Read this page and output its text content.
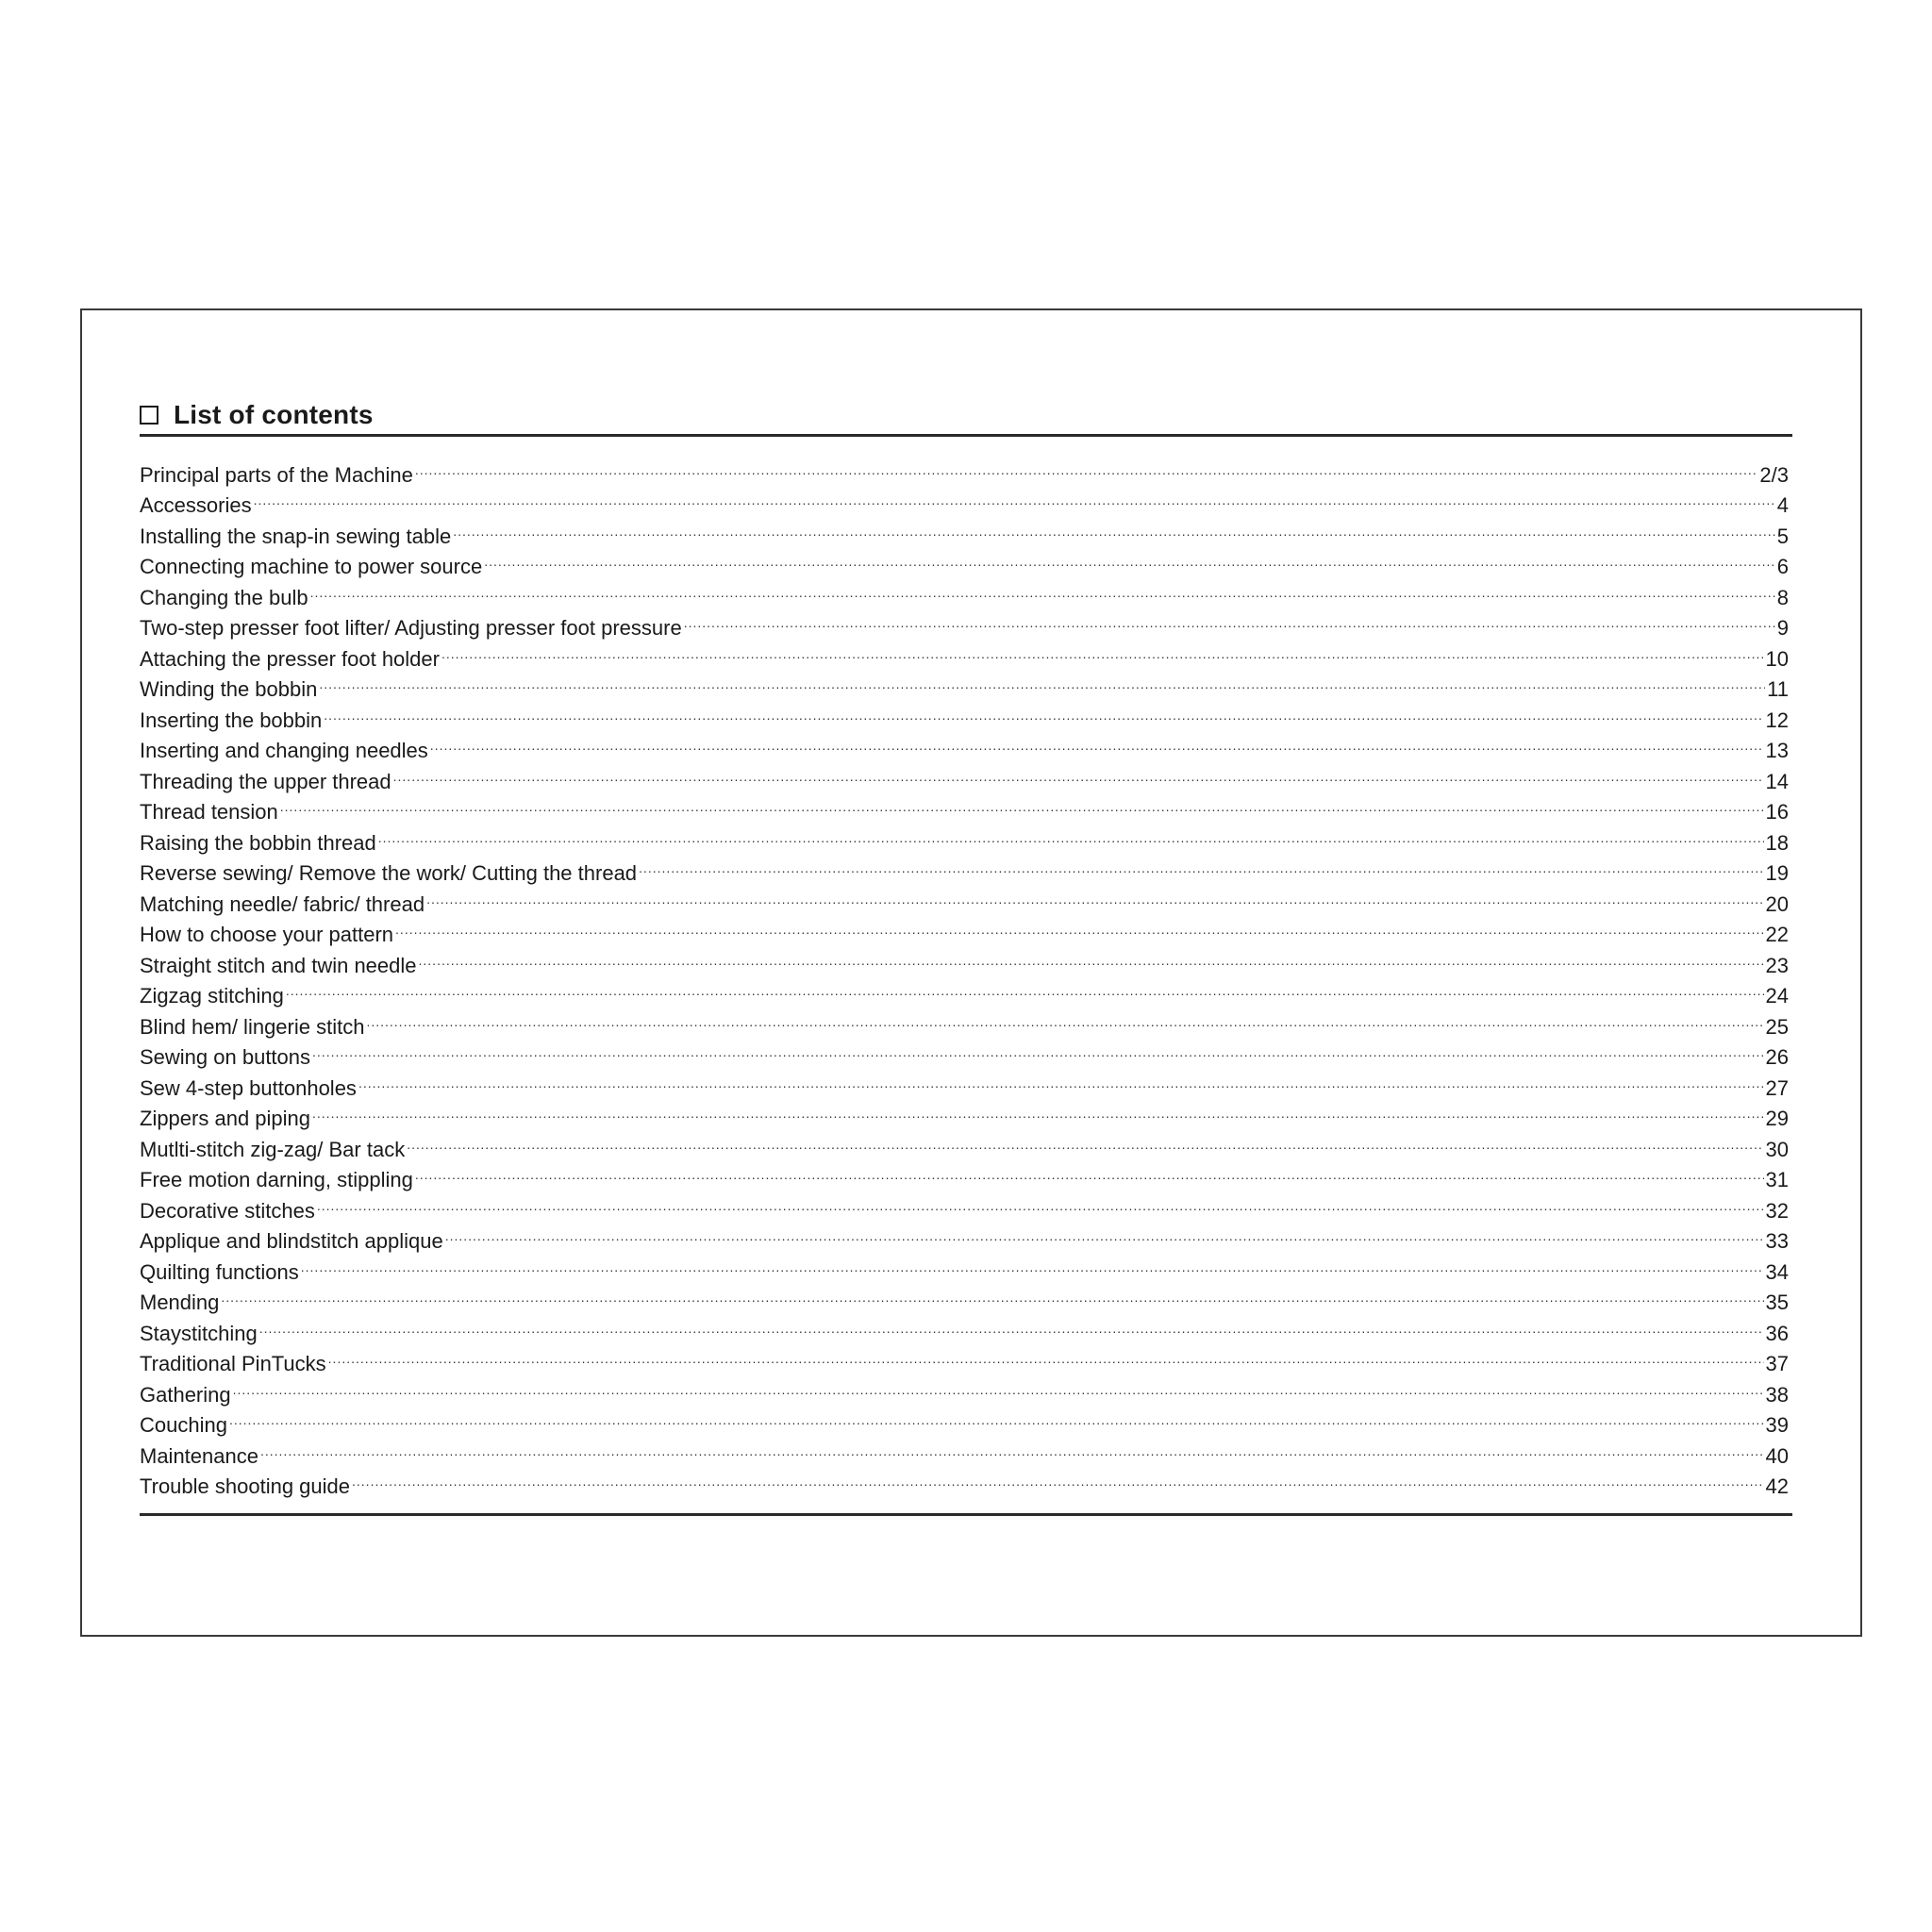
List of contents
Principal parts of the Machine .....	2/3
Accessories .....	4
Installing the snap-in sewing table .....	5
Connecting machine to power source .....	6
Changing the bulb .....	8
Two-step presser foot lifter/ Adjusting presser foot pressure .....	9
Attaching the presser foot holder .....	10
Winding the bobbin .....	11
Inserting the bobbin .....	12
Inserting and changing needles .....	13
Threading the upper thread .....	14
Thread tension .....	16
Raising the bobbin thread .....	18
Reverse sewing/ Remove the work/ Cutting the thread .....	19
Matching needle/ fabric/ thread .....	20
How to choose your pattern .....	22
Straight stitch and twin needle .....	23
Zigzag stitching .....	24
Blind hem/ lingerie stitch .....	25
Sewing on buttons .....	26
Sew 4-step buttonholes .....	27
Zippers and piping .....	29
Mutlti-stitch zig-zag/ Bar tack .....	30
Free motion darning, stippling .....	31
Decorative stitches .....	32
Applique and blindstitch applique .....	33
Quilting functions .....	34
Mending .....	35
Staystitching .....	36
Traditional PinTucks .....	37
Gathering .....	38
Couching .....	39
Maintenance .....	40
Trouble shooting guide .....	42
